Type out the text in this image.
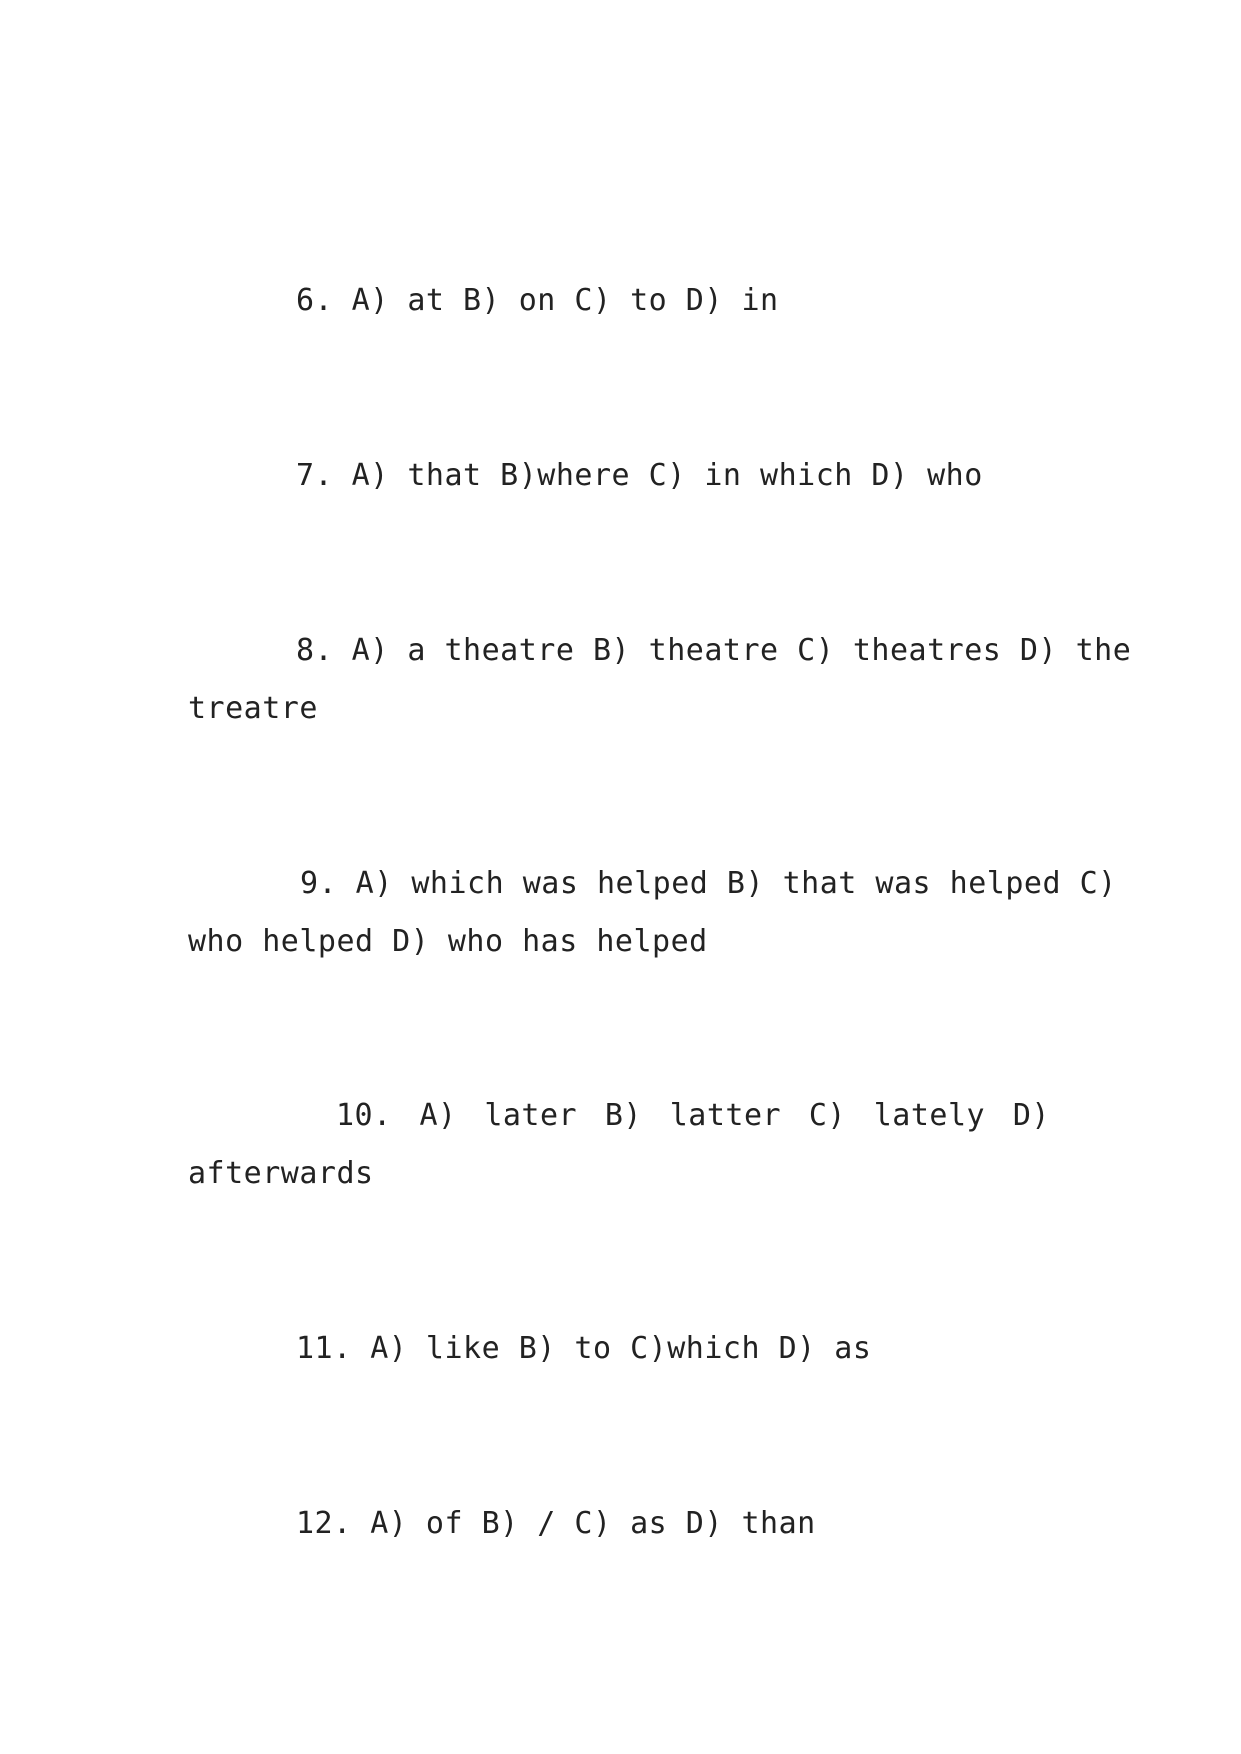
6. A) at B) on C) to D) in
7. A) that B)where C) in which D) who
8. A) a theatre B) theatre C) theatres D) the
treatre
9. A) which was helped B) that was helped C)
who helped D) who has helped
10. A) later B) latter C) lately D)
afterwards
11. A) like B) to C)which D) as
12. A) of B) / C) as D) than
